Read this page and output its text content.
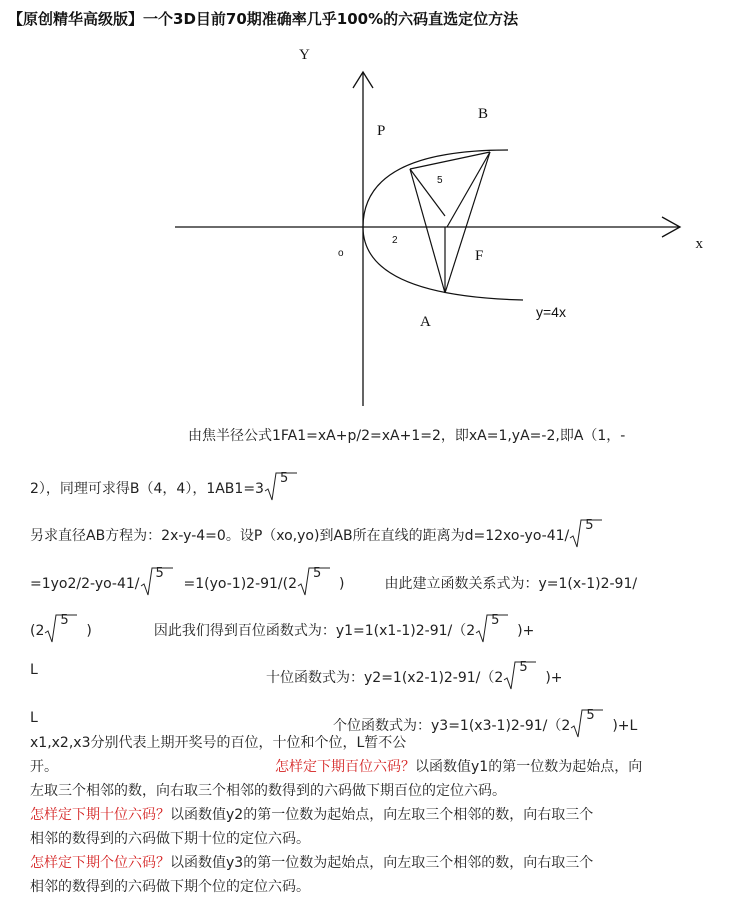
【原创精华高级版】一个3D目前70期准确率几乎100%的六码直选定位方法
Y
x
P
B
A
F
o
5
2
y=4x
由焦半径公式1FA1=xA+p/2=xA+1=2，即xA=1,yA=-2,即A（1，-
2），同理可求得B（4，4），1AB1=3
5
另求直径AB方程为：2x-y-4=0。设P（xo,yo)到AB所在直线的距离为d=12xo-yo-41/
5
=1yo2/2-yo-41/
5
=1(yo-1)2-91/(2
5
)	由此建立函数关系式为：y=1(x-1)2-91/
(2
5
)	因此我们得到百位函数式为：y1=1(x1-1)2-91/（2
5
)+
L	十位函数式为：y2=1(x2-1)2-91/（2
5
)+
L	个位函数式为：y3=1(x3-1)2-91/（2
5
)+L
x1,x2,x3分别代表上期开奖号的百位，十位和个位，L暂不公
开。	怎样定下期百位六码？以函数值y1的第一位数为起始点，向
左取三个相邻的数，向右取三个相邻的数得到的六码做下期百位的定位六码。
怎样定下期十位六码？以函数值y2的第一位数为起始点，向左取三个相邻的数，向右取三个
相邻的数得到的六码做下期十位的定位六码。
怎样定下期个位六码？以函数值y3的第一位数为起始点，向左取三个相邻的数，向右取三个
相邻的数得到的六码做下期个位的定位六码。
